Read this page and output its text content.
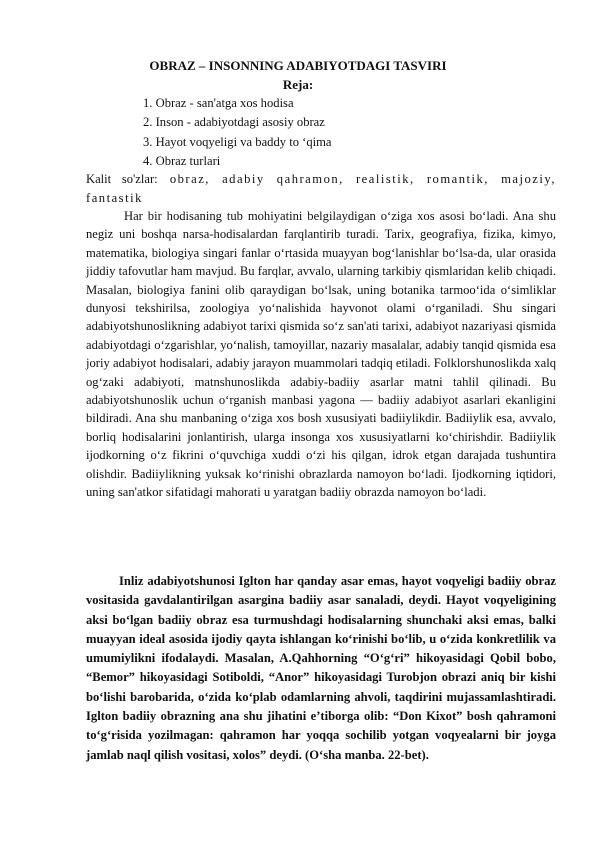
OBRAZ – INSONNING ADABIYOTDAGI TASVIRI
Reja:
1. Obraz - san'atga xos hodisa
2. Inson - adabiyotdagi asosiy obraz
3. Hayot voqyeligi va baddy to ‘qima
4. Obraz turlari
Kalit so'zlar: obraz, adabiy qahramon, realistik, romantik, majoziy, fantastik

Har bir hodisaning tub mohiyatini belgilaydigan o‘ziga xos asosi bo‘ladi. Ana shu negiz uni boshqa narsa-hodisalardan farqlantirib turadi. Tarix, geografiya, fizika, kimyo, matematika, biologiya singari fanlar o‘rtasida muayyan bog‘lanishlar bo‘lsa-da, ular orasida jiddiy tafovutlar ham mavjud. Bu farqlar, avvalo, ularning tarkibiy qismlaridan kelib chiqadi. Masalan, biologiya fanini olib qaraydigan bo‘lsak, uning botanika tarmoo‘ida o‘simliklar dunyosi tekshirilsa, zoologiya yo‘nalishida hayvonot olami o‘rganiladi. Shu singari adabiyotshunoslikning adabiyot tarixi qismida so‘z san'ati tarixi, adabiyot nazariyasi qismida adabiyotdagi o‘zgarishlar, yo‘nalish, tamoyillar, nazariy masalalar, adabiy tanqid qismida esa joriy adabiyot hodisalari, adabiy jarayon muammolari tadqiq etiladi. Folklorshunoslikda xalq og‘zaki adabiyoti, matnshunoslikda adabiy-badiiy asarlar matni tahlil qilinadi. Bu adabiyotshunoslik uchun o‘rganish manbasi yagona — badiiy adabiyot asarlari ekanligini bildiradi. Ana shu manbaning o‘ziga xos bosh xususiyati badiiylikdir. Badiiylik esa, avvalo, borliq hodisalarini jonlantirish, ularga insonga xos xususiyatlarni ko‘chirishdir. Badiiylik ijodkorning o‘z fikrini o‘quvchiga xuddi o‘zi his qilgan, idrok etgan darajada tushuntira olishdir. Badiiylikning yuksak ko‘rinishi obrazlarda namoyon bo‘ladi. Ijodkorning iqtidori, uning san'atkor sifatidagi mahorati u yaratgan badiiy obrazda namoyon bo‘ladi.

Inliz adabiyotshunosi Iglton har qanday asar emas, hayot voqyeligi badiiy obraz vositasida gavdalantirilgan asargina badiiy asar sanaladi, deydi. Hayot voqyeligining aksi bo‘lgan badiiy obraz esa turmushdagi hodisalarning shunchaki aksi emas, balki muayyan ideal asosida ijodiy qayta ishlangan ko‘rinishi bo‘lib, u o‘zida konkretlilik va umumiylikni ifodalaydi. Masalan, A.Qahhorning “O‘g‘ri” hikoyasidagi Qobil bobo, “Bemor” hikoyasidagi Sotiboldi, “Anor” hikoyasidagi Turobjon obrazi aniq bir kishi bo‘lishi barobarida, o‘zida ko‘plab odamlarning ahvoli, taqdirini mujassamlashtiradi. Iglton badiiy obrazning ana shu jihatini e’tiborga olib: “Don Kixot” bosh qahramoni to‘g‘risida yozilmagan: qahramon har yoqqa sochilib yotgan voqyealarni bir joyga jamlab naql qilish vositasi, xolos” deydi. (O‘sha manba. 22-bet).
